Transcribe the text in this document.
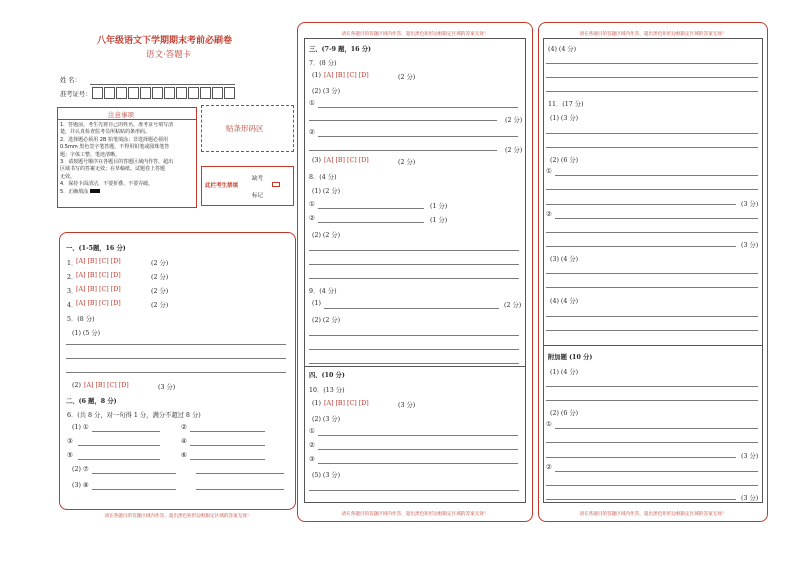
八年级语文下学期期末考前必刷卷
语文·答题卡
姓 名：
准考证号：
注意事项
1．答题前，考生先将自己的姓名，准考证号填写清
楚，并认真检查监考员所粘贴的条形码。
2．选择题必须用 2B 铅笔填涂；非选择题必须用
0.5mm 黑色签字笔答题，不得用铅笔或圆珠笔答
题；字体工整、笔迹清晰。
3．请按题号顺序在各题目的答题区域内作答，超出
区域书写的答案无效；在草稿纸、试题卷上答题
无效。
4．保持卡面清洁，不要折叠、不要弄破。
5．正确填涂
贴条形码区
此栏考生禁填
缺考
标记
一、(1-5题，16 分)
1．
[A] [B] [C] [D]	(2 分)
2．
[A] [B] [C] [D]	(2 分)
3．
[A] [B] [C] [D]	(2 分)
4．
[A] [B] [C] [D]	(2 分)
5．(8 分)
(1) (5 分)
(2) [A] [B] [C] [D]	(3 分)
二、(6 题，8 分)
6．(共 8 分，对一句得 1 分，满分不超过 8 分)
(1) ①	②
③	④
⑤	⑥
(2) ⑦
(3) ⑧
请在各题目的答题区域内作答，超出黑色矩形边框限定区域的答案无效！
请在各题目的答题区域内作答，超出黑色矩形边框限定区域的答案无效！
三、(7-9 题，16 分)
7．(8 分)
(1) [A] [B] [C] [D]	(2 分)
(2) (3 分)
①
(2 分)
②
(2 分)
(3) [A] [B] [C] [D]	(2 分)
8．(4 分)
(1) (2 分)
①	(1 分)
②	(1 分)
(2) (2 分)
9．(4 分)
(1)	(2 分)
(2) (2 分)
四、(10 分)
10．(13 分)
(1) [A] [B] [C] [D]	(3 分)
(2) (3 分)
①
②
③
(5) (3 分)
请在各题目的答题区域内作答，超出黑色矩形边框限定区域的答案无效！
请在各题目的答题区域内作答，超出黑色矩形边框限定区域的答案无效！
(4) (4 分)
11．(17 分)
(1) (3 分)
(2) (6 分)
①
(3 分)
②
(3 分)
(3) (4 分)
(4) (4 分)
附加题 (10 分)
(1) (4 分)
(2) (6 分)
①
(3 分)
②
(3 分)
请在各题目的答题区域内作答，超出黑色矩形边框限定区域的答案无效！
